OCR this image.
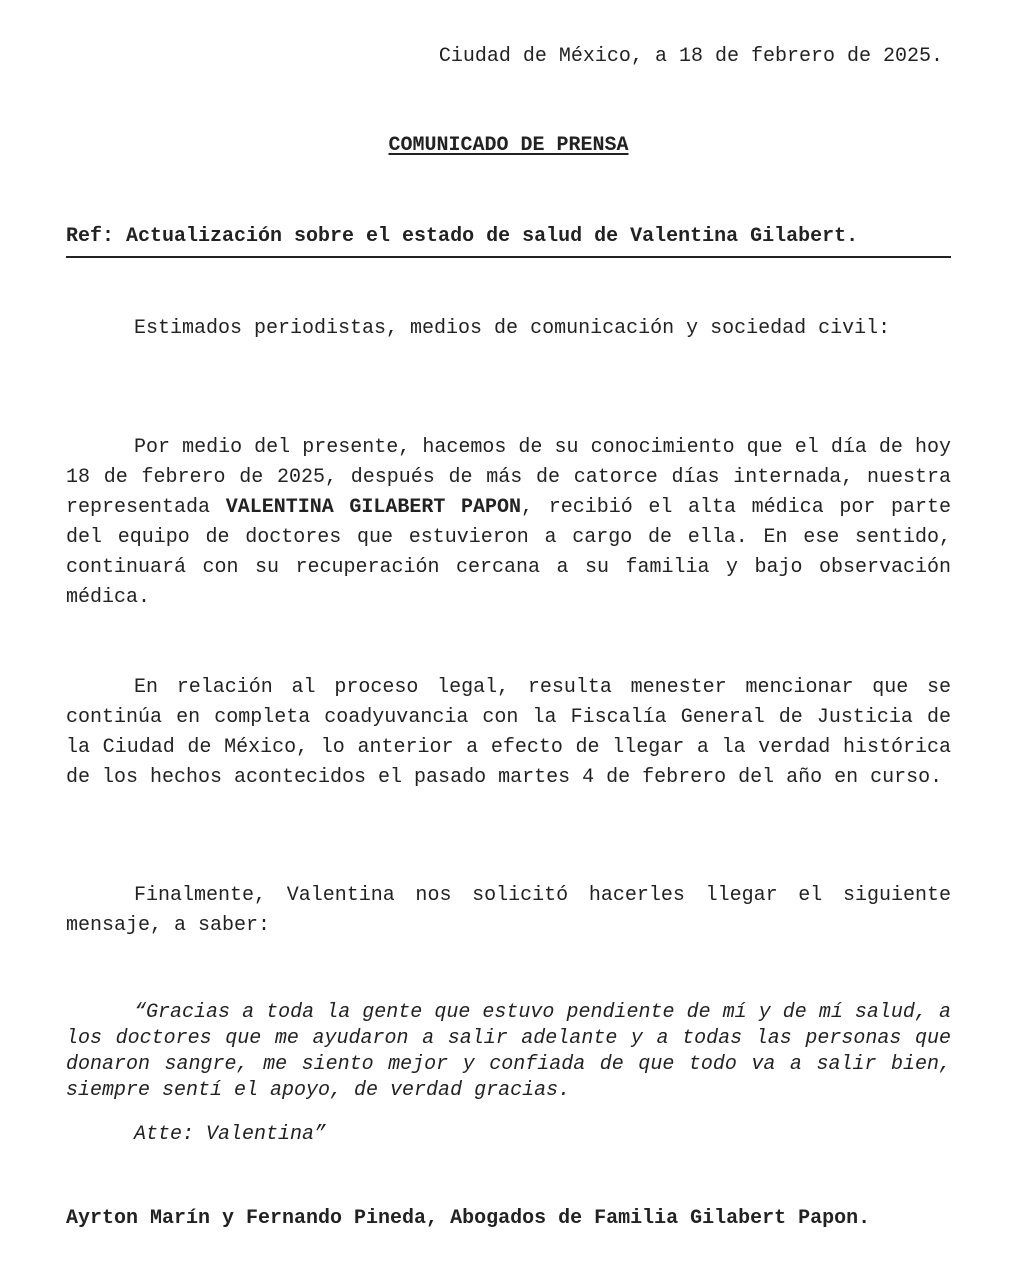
Ciudad de México, a 18 de febrero de 2025.
COMUNICADO DE PRENSA
Ref: Actualización sobre el estado de salud de Valentina Gilabert.

Estimados periodistas, medios de comunicación y sociedad civil:

Por medio del presente, hacemos de su conocimiento que el día de hoy 18 de febrero de 2025, después de más de catorce días internada, nuestra representada VALENTINA GILABERT PAPON, recibió el alta médica por parte del equipo de doctores que estuvieron a cargo de ella. En ese sentido, continuará con su recuperación cercana a su familia y bajo observación médica.

En relación al proceso legal, resulta menester mencionar que se continúa en completa coadyuvancia con la Fiscalía General de Justicia de la Ciudad de México, lo anterior a efecto de llegar a la verdad histórica de los hechos acontecidos el pasado martes 4 de febrero del año en curso.

Finalmente, Valentina nos solicitó hacerles llegar el siguiente mensaje, a saber:

“Gracias a toda la gente que estuvo pendiente de mí y de mí salud, a los doctores que me ayudaron a salir adelante y a todas las personas que donaron sangre, me siento mejor y confiada de que todo va a salir bien, siempre sentí el apoyo, de verdad gracias.

Atte: Valentina”
Ayrton Marín y Fernando Pineda, Abogados de Familia Gilabert Papon.
